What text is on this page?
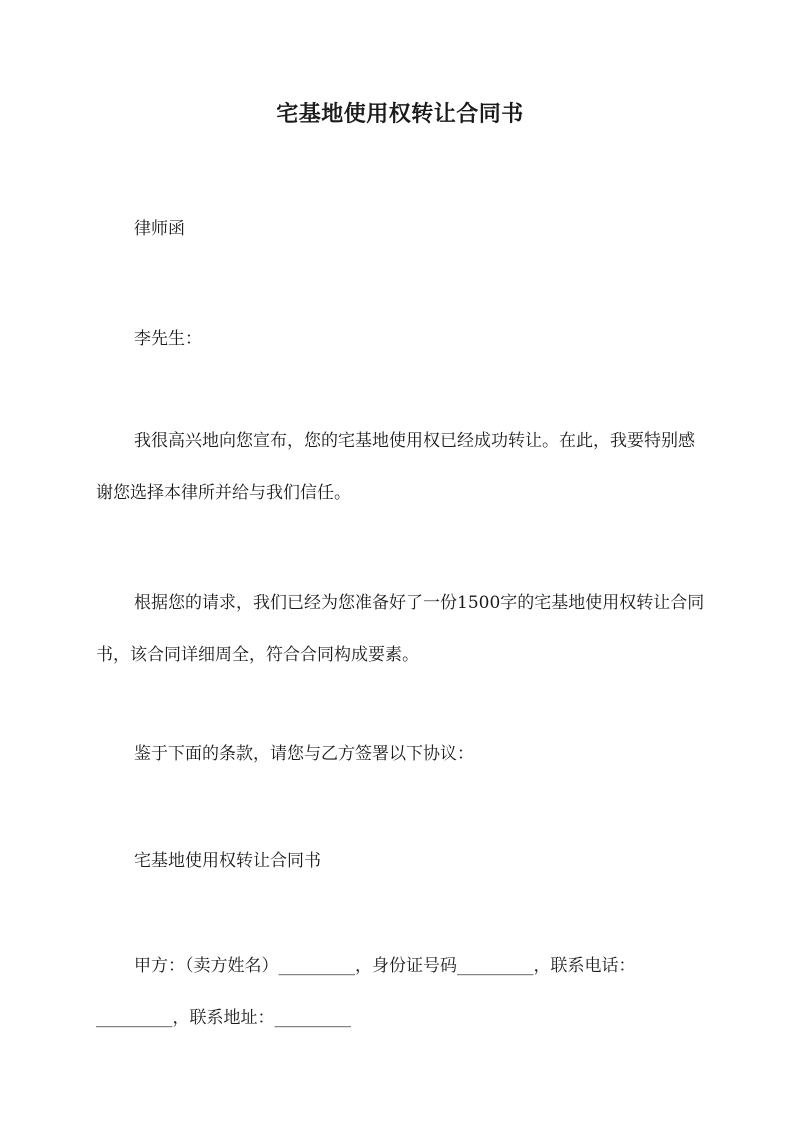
宅基地使用权转让合同书

律师函

李先生：

我很高兴地向您宣布，您的宅基地使用权已经成功转让。在此，我要特别感谢您选择本律所并给与我们信任。

根据您的请求，我们已经为您准备好了一份1500字的宅基地使用权转让合同书，该合同详细周全，符合合同构成要素。

鉴于下面的条款，请您与乙方签署以下协议：

宅基地使用权转让合同书

甲方：（卖方姓名）_________，身份证号码_________，联系电话：_________，联系地址：_________
